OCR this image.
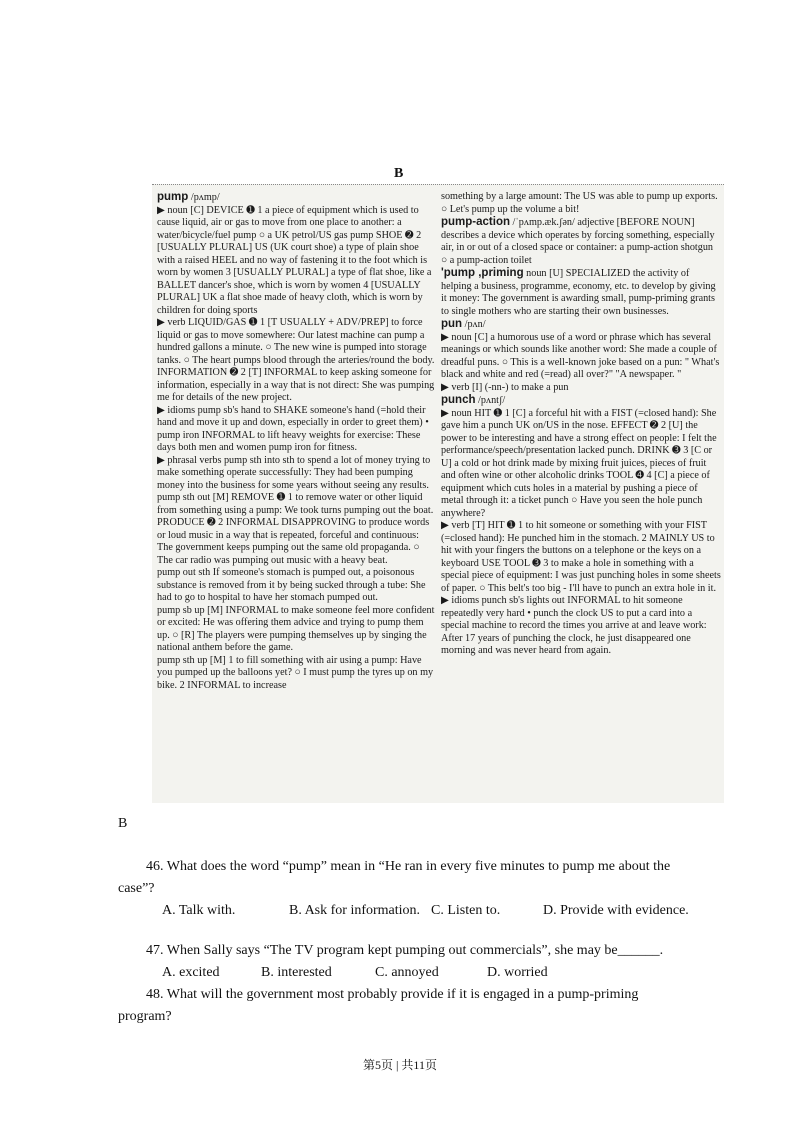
B

pump /pʌmp/

▶ noun [C] DEVICE ➊ 1 a piece of equipment which is used to cause liquid, air or gas to move from one place to another: a water/bicycle/fuel pump ○ a UK petrol/US gas pump SHOE ➋ 2 [USUALLY PLURAL] US (UK court shoe) a type of plain shoe with a raised HEEL and no way of fastening it to the foot which is worn by women 3 [USUALLY PLURAL] a type of flat shoe, like a BALLET dancer's shoe, which is worn by women 4 [USUALLY PLURAL] UK a flat shoe made of heavy cloth, which is worn by children for doing sports

▶ verb LIQUID/GAS ➊ 1 [T USUALLY + ADV/PREP] to force liquid or gas to move somewhere: Our latest machine can pump a hundred gallons a minute. ○ The new wine is pumped into storage tanks. ○ The heart pumps blood through the arteries/round the body. INFORMATION ➋ 2 [T] INFORMAL to keep asking someone for information, especially in a way that is not direct: She was pumping me for details of the new project.

▶ idioms pump sb's hand to SHAKE someone's hand (=hold their hand and move it up and down, especially in order to greet them) • pump iron INFORMAL to lift heavy weights for exercise: These days both men and women pump iron for fitness.

▶ phrasal verbs pump sth into sth to spend a lot of money trying to make something operate successfully: They had been pumping money into the business for some years without seeing any results.

pump sth out [M] REMOVE ➊ 1 to remove water or other liquid from something using a pump: We took turns pumping out the boat. PRODUCE ➋ 2 INFORMAL DISAPPROVING to produce words or loud music in a way that is repeated, forceful and continuous: The government keeps pumping out the same old propaganda. ○ The car radio was pumping out music with a heavy beat.

pump out sth If someone's stomach is pumped out, a poisonous substance is removed from it by being sucked through a tube: She had to go to hospital to have her stomach pumped out.

pump sb up [M] INFORMAL to make someone feel more confident or excited: He was offering them advice and trying to pump them up. ○ [R] The players were pumping themselves up by singing the national anthem before the game.

pump sth up [M] 1 to fill something with air using a pump: Have you pumped up the balloons yet? ○ I must pump the tyres up on my bike. 2 INFORMAL to increase

something by a large amount: The US was able to pump up exports. ○ Let's pump up the volume a bit!

pump-action /ˈpʌmp.æk.ʃən/ adjective [BEFORE NOUN] describes a device which operates by forcing something, especially air, in or out of a closed space or container: a pump-action shotgun ○ a pump-action toilet

'pump ,priming noun [U] SPECIALIZED the activity of helping a business, programme, economy, etc. to develop by giving it money: The government is awarding small, pump-priming grants to single mothers who are starting their own businesses.

pun /pʌn/

▶ noun [C] a humorous use of a word or phrase which has several meanings or which sounds like another word: She made a couple of dreadful puns. ○ This is a well-known joke based on a pun: " What's black and white and red (=read) all over?" "A newspaper. "

▶ verb [I] (-nn-) to make a pun

punch /pʌntʃ/

▶ noun HIT ➊ 1 [C] a forceful hit with a FIST (=closed hand): She gave him a punch UK on/US in the nose. EFFECT ➋ 2 [U] the power to be interesting and have a strong effect on people: I felt the performance/speech/presentation lacked punch. DRINK ➌ 3 [C or U] a cold or hot drink made by mixing fruit juices, pieces of fruit and often wine or other alcoholic drinks TOOL ➍ 4 [C] a piece of equipment which cuts holes in a material by pushing a piece of metal through it: a ticket punch ○ Have you seen the hole punch anywhere?

▶ verb [T] HIT ➊ 1 to hit someone or something with your FIST (=closed hand): He punched him in the stomach. 2 MAINLY US to hit with your fingers the buttons on a telephone or the keys on a keyboard USE TOOL ➌ 3 to make a hole in something with a special piece of equipment: I was just punching holes in some sheets of paper. ○ This belt's too big - I'll have to punch an extra hole in it.

▶ idioms punch sb's lights out INFORMAL to hit someone repeatedly very hard • punch the clock US to put a card into a special machine to record the times you arrive at and leave work: After 17 years of punching the clock, he just disappeared one morning and was never heard from again.

B
46. What does the word “pump” mean in “He ran in every five minutes to pump me about the case”?
A. Talk with.	B. Ask for information. C. Listen to.	D. Provide with evidence.
47. When Sally says “The TV program kept pumping out commercials”, she may be______.
A. excited	B. interested	C. annoyed	D. worried
48. What will the government most probably provide if it is engaged in a pump-priming program?
第5页 | 共11页
